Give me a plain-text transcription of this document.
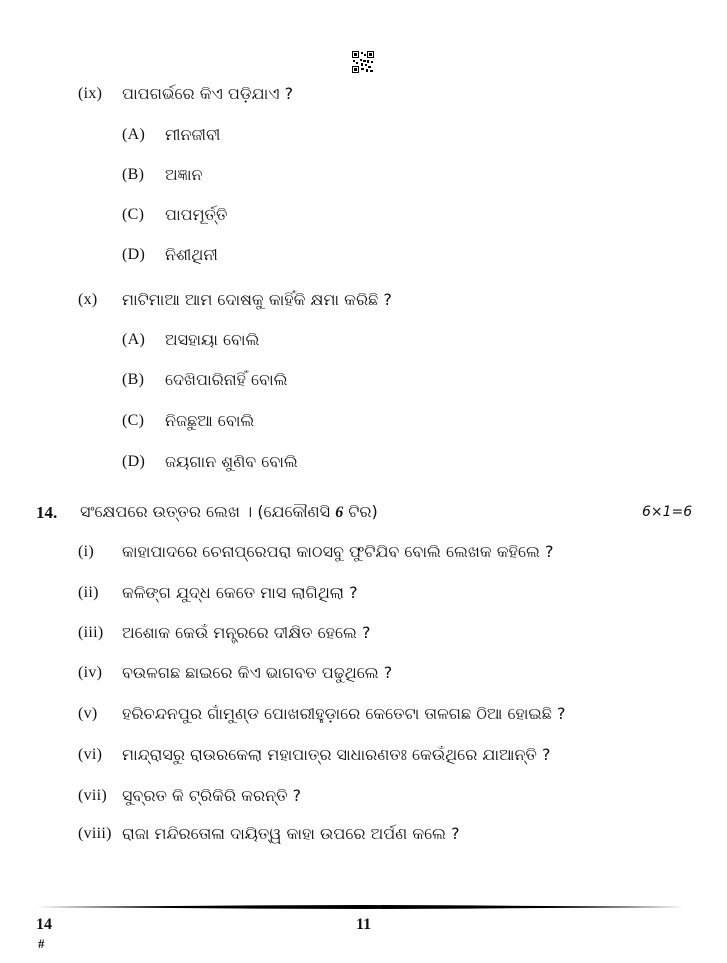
(ix) ପାପଗର୍ଭରେ କିଏ ପଡ଼ିଯାଏ ?
(A) ମୀନଜୀବୀ
(B) ଅଜ୍ଞାନ
(C) ପାପମୂର୍ତ୍ତି
(D) ନିଶୀଥିନୀ
(x) ମାଟିମାଆ ଆମ ଦୋଷକୁ କାହିଁକି କ୍ଷମା କରିଛି ?
(A) ଅସହାୟା ବୋଲି
(B) ଦେଖିପାରିନାହିଁ ବୋଲି
(C) ନିଜଛୁଆ ବୋଲି
(D) ଜୟଗାନ ଶୁଣିବ ବୋଲି
14. ସଂକ୍ଷେପରେ ଉତ୍ତର ଲେଖ । (ଯେକୌଣସି 6 ଟିର)	6×1=6
(i) କାହାପାଦରେ ଚେନାପ୍ରେପରା କାଠସବୁ ଫୁଟିଯିବ ବୋଲି ଲେଖକ କହିଲେ ?
(ii) କଳିଙ୍ଗ ଯୁଦ୍ଧ କେତେ ମାସ ଲାଗିଥିଲା ?
(iii) ଅଶୋକ କେଉଁ ମନ୍ତ୍ରରେ ଦୀକ୍ଷିତ ହେଲେ ?
(iv) ବଉଳଗଛ ଛାଇରେ କିଏ ଭାଗବତ ପଢୁଥିଲେ ?
(v) ହରିଚନ୍ଦନପୁର ଗାଁମୁଣ୍ଡ ପୋଖରୀହୁଡ଼ାରେ କେତେଟା ତାଳଗଛ ଠିଆ ହୋଇଛି ?
(vi) ମାନ୍ଦ୍ରାସରୁ ରାଉରକେଲା ମହାପାତ୍ର ସାଧାରଣତଃ କେଉଁଥିରେ ଯାଆନ୍ତି ?
(vii) ସୁବ୍ରତ କି ଟ୍ରିକିରି କରନ୍ତି ?
(viii) ରାଜା ମନ୍ଦିରତୋଳା ଦାୟିତ୍ୱ କାହା ଉପରେ ଅର୍ପଣ କଲେ ?
14
#
11
